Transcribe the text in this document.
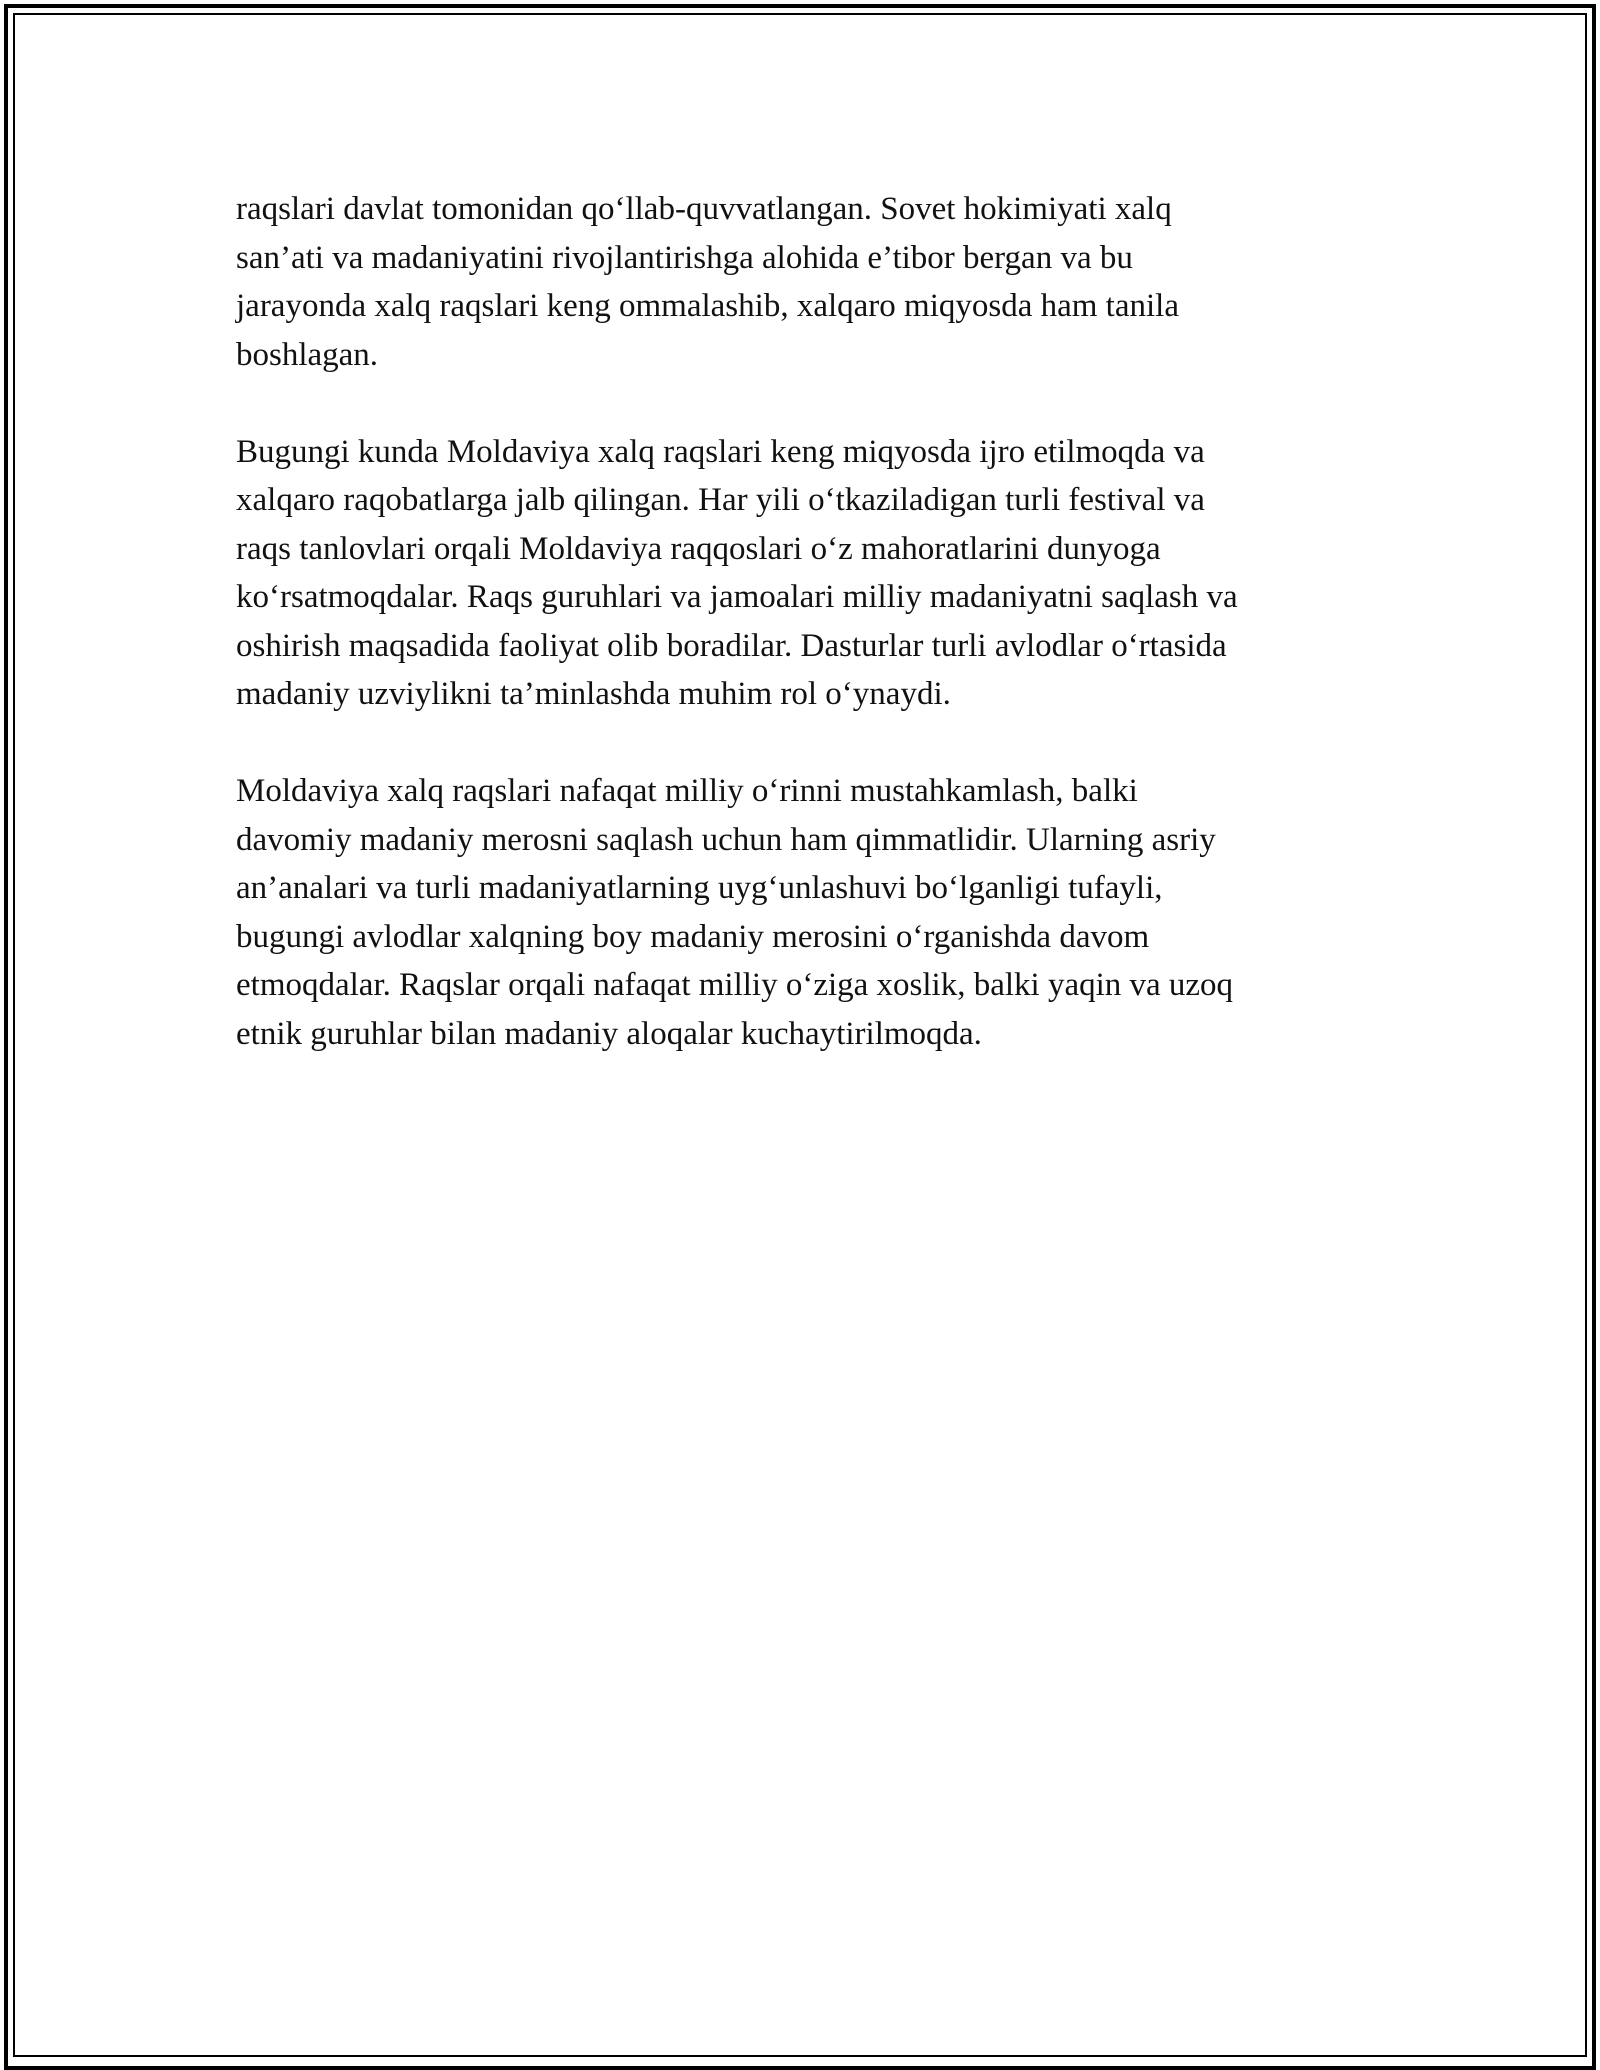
raqslari davlat tomonidan qo‘llab-quvvatlangan. Sovet hokimiyati xalq
san’ati va madaniyatini rivojlantirishga alohida e’tibor bergan va bu
jarayonda xalq raqslari keng ommalashib, xalqaro miqyosda ham tanila
boshlagan.

Bugungi kunda Moldaviya xalq raqslari keng miqyosda ijro etilmoqda va
xalqaro raqobatlarga jalb qilingan. Har yili o‘tkaziladigan turli festival va
raqs tanlovlari orqali Moldaviya raqqoslari o‘z mahoratlarini dunyoga
ko‘rsatmoqdalar. Raqs guruhlari va jamoalari milliy madaniyatni saqlash va
oshirish maqsadida faoliyat olib boradilar. Dasturlar turli avlodlar o‘rtasida
madaniy uzviylikni ta’minlashda muhim rol o‘ynaydi.

Moldaviya xalq raqslari nafaqat milliy o‘rinni mustahkamlash, balki
davomiy madaniy merosni saqlash uchun ham qimmatlidir. Ularning asriy
an’analari va turli madaniyatlarning uyg‘unlashuvi bo‘lganligi tufayli,
bugungi avlodlar xalqning boy madaniy merosini o‘rganishda davom
etmoqdalar. Raqslar orqali nafaqat milliy o‘ziga xoslik, balki yaqin va uzoq
etnik guruhlar bilan madaniy aloqalar kuchaytirilmoqda.
